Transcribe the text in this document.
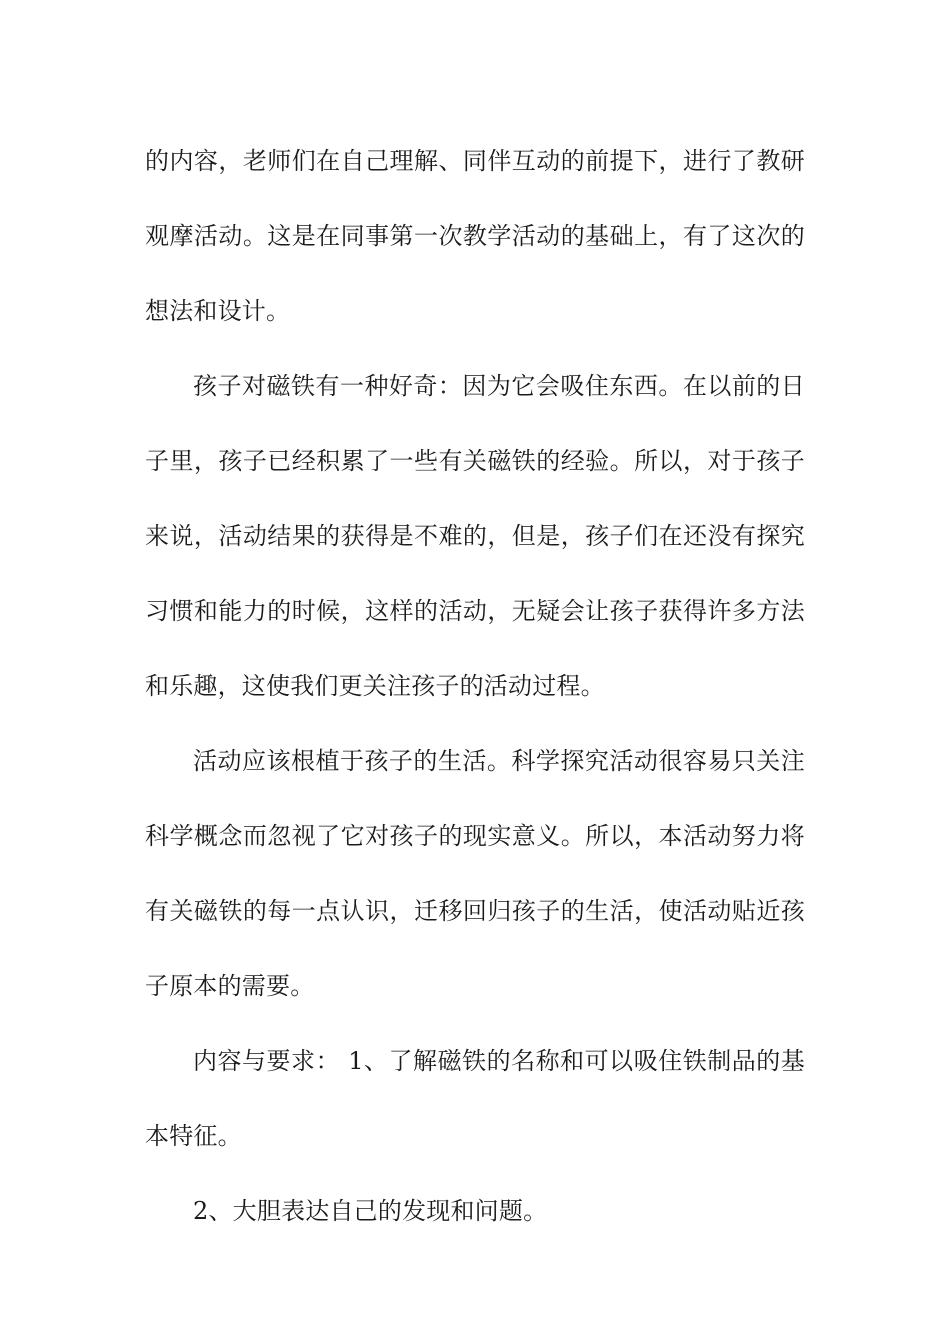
的内容，老师们在自己理解、同伴互动的前提下，进行了教研观摩活动。这是在同事第一次教学活动的基础上，有了这次的想法和设计。

孩子对磁铁有一种好奇：因为它会吸住东西。在以前的日子里，孩子已经积累了一些有关磁铁的经验。所以，对于孩子来说，活动结果的获得是不难的，但是，孩子们在还没有探究习惯和能力的时候，这样的活动，无疑会让孩子获得许多方法和乐趣，这使我们更关注孩子的活动过程。

活动应该根植于孩子的生活。科学探究活动很容易只关注科学概念而忽视了它对孩子的现实意义。所以，本活动努力将有关磁铁的每一点认识，迁移回归孩子的生活，使活动贴近孩子原本的需要。

内容与要求： 1、了解磁铁的名称和可以吸住铁制品的基本特征。

2、大胆表达自己的发现和问题。
